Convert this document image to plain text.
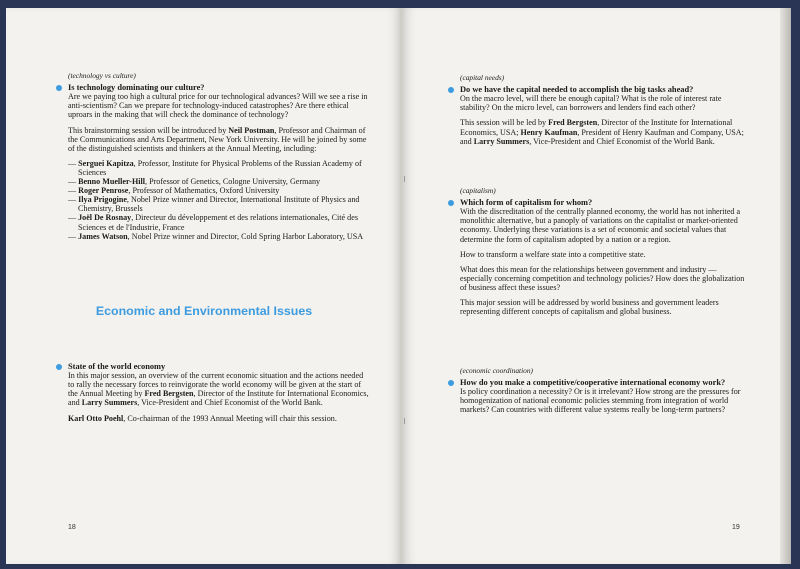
(technology vs culture)
Is technology dominating our culture?

Are we paying too high a cultural price for our technological advances? Will we see a rise in anti-scientism? Can we prepare for technology-induced catastrophes? Are there ethical uproars in the making that will check the dominance of technology?

This brainstorming session will be introduced by Neil Postman, Professor and Chairman of the Communications and Arts Department, New York University. He will be joined by some of the distinguished scientists and thinkers at the Annual Meeting, including:

— Serguei Kapitza, Professor, Institute for Physical Problems of the Russian Academy of Sciences
— Benno Mueller-Hill, Professor of Genetics, Cologne University, Germany
— Roger Penrose, Professor of Mathematics, Oxford University
— Ilya Prigogine, Nobel Prize winner and Director, International Institute of Physics and Chemistry, Brussels
— Joël De Rosnay, Directeur du développement et des relations internationales, Cité des Sciences et de l'Industrie, France
— James Watson, Nobel Prize winner and Director, Cold Spring Harbor Laboratory, USA
Economic and Environmental Issues
State of the world economy

In this major session, an overview of the current economic situation and the actions needed to rally the necessary forces to reinvigorate the world economy will be given at the start of the Annual Meeting by Fred Bergsten, Director of the Institute for International Economics, and Larry Summers, Vice-President and Chief Economist of the World Bank.

Karl Otto Poehl, Co-chairman of the 1993 Annual Meeting will chair this session.

18
(capital needs)
Do we have the capital needed to accomplish the big tasks ahead?

On the macro level, will there be enough capital? What is the role of interest rate stability? On the micro level, can borrowers and lenders find each other?

This session will be led by Fred Bergsten, Director of the Institute for International Economics, USA; Henry Kaufman, President of Henry Kaufman and Company, USA; and Larry Summers, Vice-President and Chief Economist of the World Bank.

(capitalism)
Which form of capitalism for whom?

With the discreditation of the centrally planned economy, the world has not inherited a monolithic alternative, but a panoply of variations on the capitalist or market-oriented economy. Underlying these variations is a set of economic and societal values that determine the form of capitalism adopted by a nation or a region.

How to transform a welfare state into a competitive state.

What does this mean for the relationships between government and industry — especially concerning competition and technology policies? How does the globalization of business affect these issues?

This major session will be addressed by world business and government leaders representing different concepts of capitalism and global business.

(economic coordination)
How do you make a competitive/cooperative international economy work?

Is policy coordination a necessity? Or is it irrelevant? How strong are the pressures for homogenization of national economic policies stemming from integration of world markets? Can countries with different value systems really be long-term partners?

19
